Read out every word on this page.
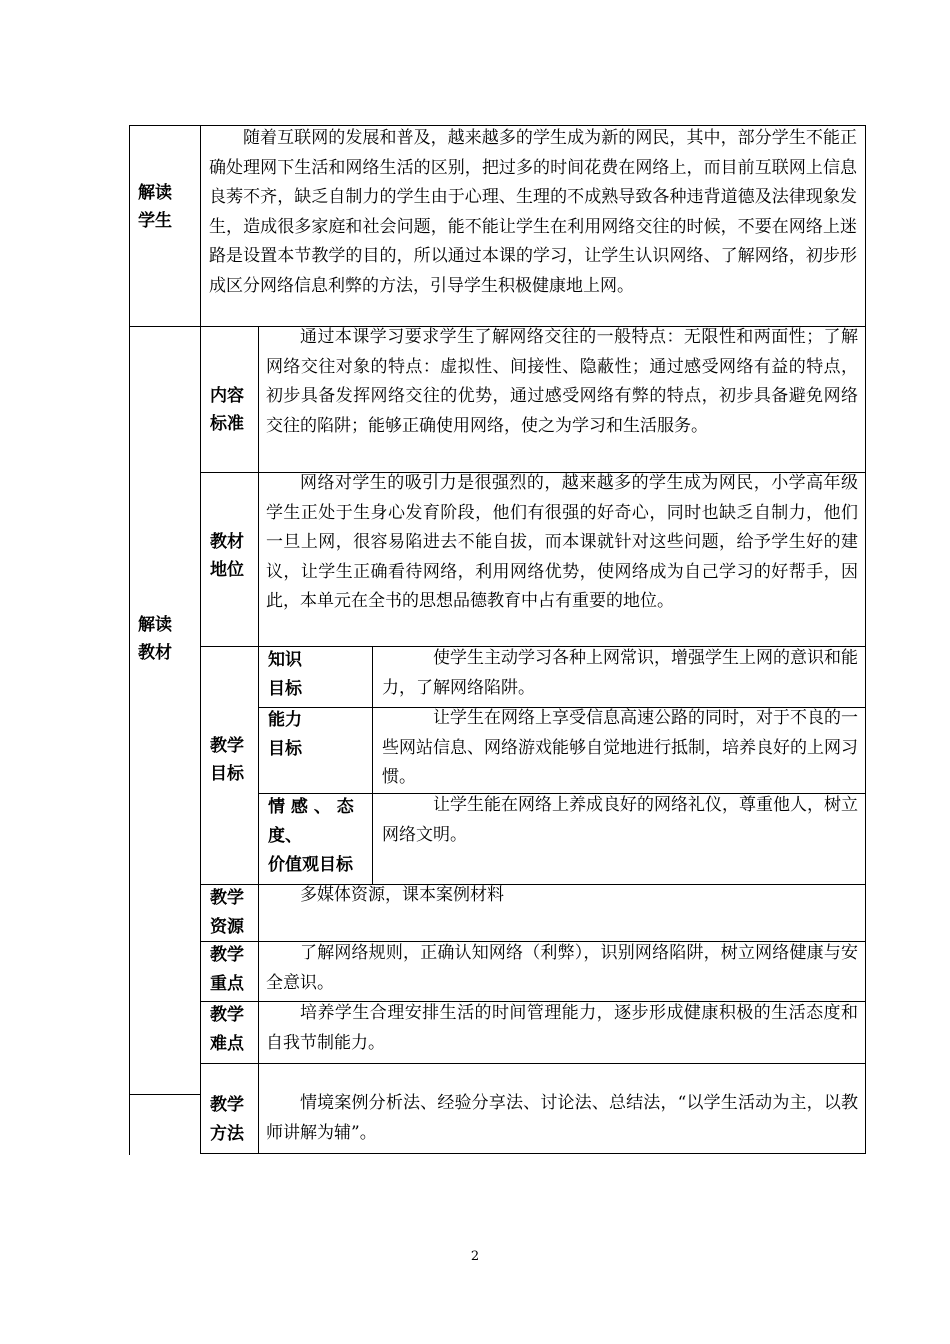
解读
学生
随着互联网的发展和普及，越来越多的学生成为新的网民，其中，部分学生不能正确处理网下生活和网络生活的区别，把过多的时间花费在网络上，而目前互联网上信息良莠不齐，缺乏自制力的学生由于心理、生理的不成熟导致各种违背道德及法律现象发生，造成很多家庭和社会问题，能不能让学生在利用网络交往的时候，不要在网络上迷路是设置本节教学的目的，所以通过本课的学习，让学生认识网络、了解网络，初步形成区分网络信息利弊的方法，引导学生积极健康地上网。
解读
教材
内容
标准
通过本课学习要求学生了解网络交往的一般特点：无限性和两面性；了解网络交往对象的特点：虚拟性、间接性、隐蔽性；通过感受网络有益的特点，初步具备发挥网络交往的优势，通过感受网络有弊的特点，初步具备避免网络交往的陷阱；能够正确使用网络，使之为学习和生活服务。
教材
地位
网络对学生的吸引力是很强烈的，越来越多的学生成为网民，小学高年级学生正处于生身心发育阶段，他们有很强的好奇心，同时也缺乏自制力，他们一旦上网，很容易陷进去不能自拔，而本课就针对这些问题，给予学生好的建议，让学生正确看待网络，利用网络优势，使网络成为自己学习的好帮手，因此，本单元在全书的思想品德教育中占有重要的地位。
教学
目标
知识
目标
使学生主动学习各种上网常识，增强学生上网的意识和能力，了解网络陷阱。
能力
目标
让学生在网络上享受信息高速公路的同时，对于不良的一些网站信息、网络游戏能够自觉地进行抵制，培养良好的上网习惯。
情 感 、 态
度、
价值观目标
让学生能在网络上养成良好的网络礼仪，尊重他人，树立网络文明。
教学
资源
多媒体资源，课本案例材料
教学
重点
了解网络规则，正确认知网络（利弊），识别网络陷阱，树立网络健康与安全意识。
教学
难点
培养学生合理安排生活的时间管理能力，逐步形成健康积极的生活态度和自我节制能力。
教学
方法
情境案例分析法、经验分享法、讨论法、总结法，“以学生活动为主，以教师讲解为辅”。
2
